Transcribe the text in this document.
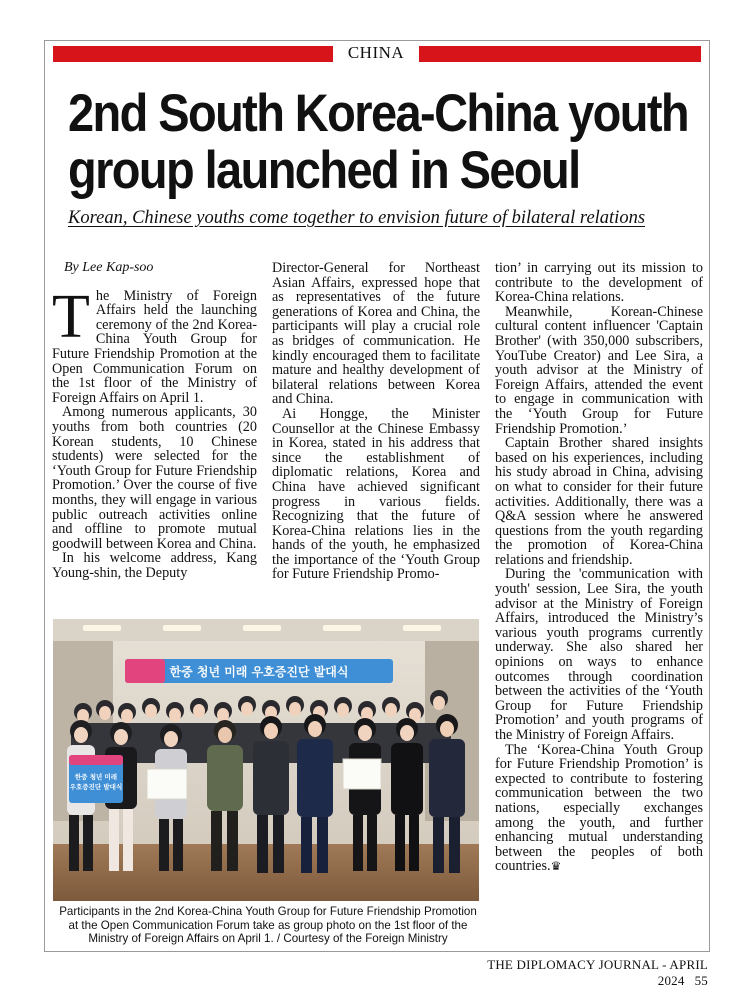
CHINA
2nd South Korea-China youth group launched in Seoul
Korean, Chinese youths come together to envision future of bilateral relations
By Lee Kap-soo

The Ministry of Foreign Affairs held the launching ceremony of the 2nd Korea-China Youth Group for Future Friendship Promotion at the Open Communication Forum on the 1st floor of the Ministry of Foreign Affairs on April 1.

Among numerous applicants, 30 youths from both countries (20 Korean students, 10 Chinese students) were selected for the ‘Youth Group for Future Friendship Promotion.’ Over the course of five months, they will engage in various public outreach activities online and offline to promote mutual goodwill between Korea and China.

In his welcome address, Kang Young-shin, the Deputy

Director-General for Northeast Asian Affairs, expressed hope that as representatives of the future generations of Korea and China, the participants will play a crucial role as bridges of communication. He kindly encouraged them to facilitate mature and healthy development of bilateral relations between Korea and China.

Ai Hongge, the Minister Counsellor at the Chinese Embassy in Korea, stated in his address that since the establishment of diplomatic relations, Korea and China have achieved significant progress in various fields. Recognizing that the future of Korea-China relations lies in the hands of the youth, he emphasized the importance of the ‘Youth Group for Future Friendship Promo-

tion’ in carrying out its mission to contribute to the development of Korea-China relations.

Meanwhile, Korean-Chinese cultural content influencer 'Captain Brother' (with 350,000 subscribers, YouTube Creator) and Lee Sira, a youth advisor at the Ministry of Foreign Affairs, attended the event to engage in communication with the ‘Youth Group for Future Friendship Promotion.’

Captain Brother shared insights based on his experiences, including his study abroad in China, advising on what to consider for their future activities. Additionally, there was a Q&A session where he answered questions from the youth regarding the promotion of Korea-China relations and friendship.

During the 'communication with youth' session, Lee Sira, the youth advisor at the Ministry of Foreign Affairs, introduced the Ministry’s various youth programs currently underway. She also shared her opinions on ways to enhance outcomes through coordination between the activities of the ‘Youth Group for Future Friendship Promotion’ and youth programs of the Ministry of Foreign Affairs.

The ‘Korea-China Youth Group for Future Friendship Promotion’ is expected to contribute to fostering communication between the two nations, especially exchanges among the youth, and further enhancing mutual understanding between the peoples of both countries.♛

한중 청년 미래 우호증진단 발대식
한중 청년 미래
우호증진단 발대식
Participants in the 2nd Korea-China Youth Group for Future Friendship Promotion at the Open Communication Forum take as group photo on the 1st floor of the Ministry of Foreign Affairs on April 1. / Courtesy of the Foreign Ministry
THE DIPLOMACY JOURNAL - APRIL 2024 55
